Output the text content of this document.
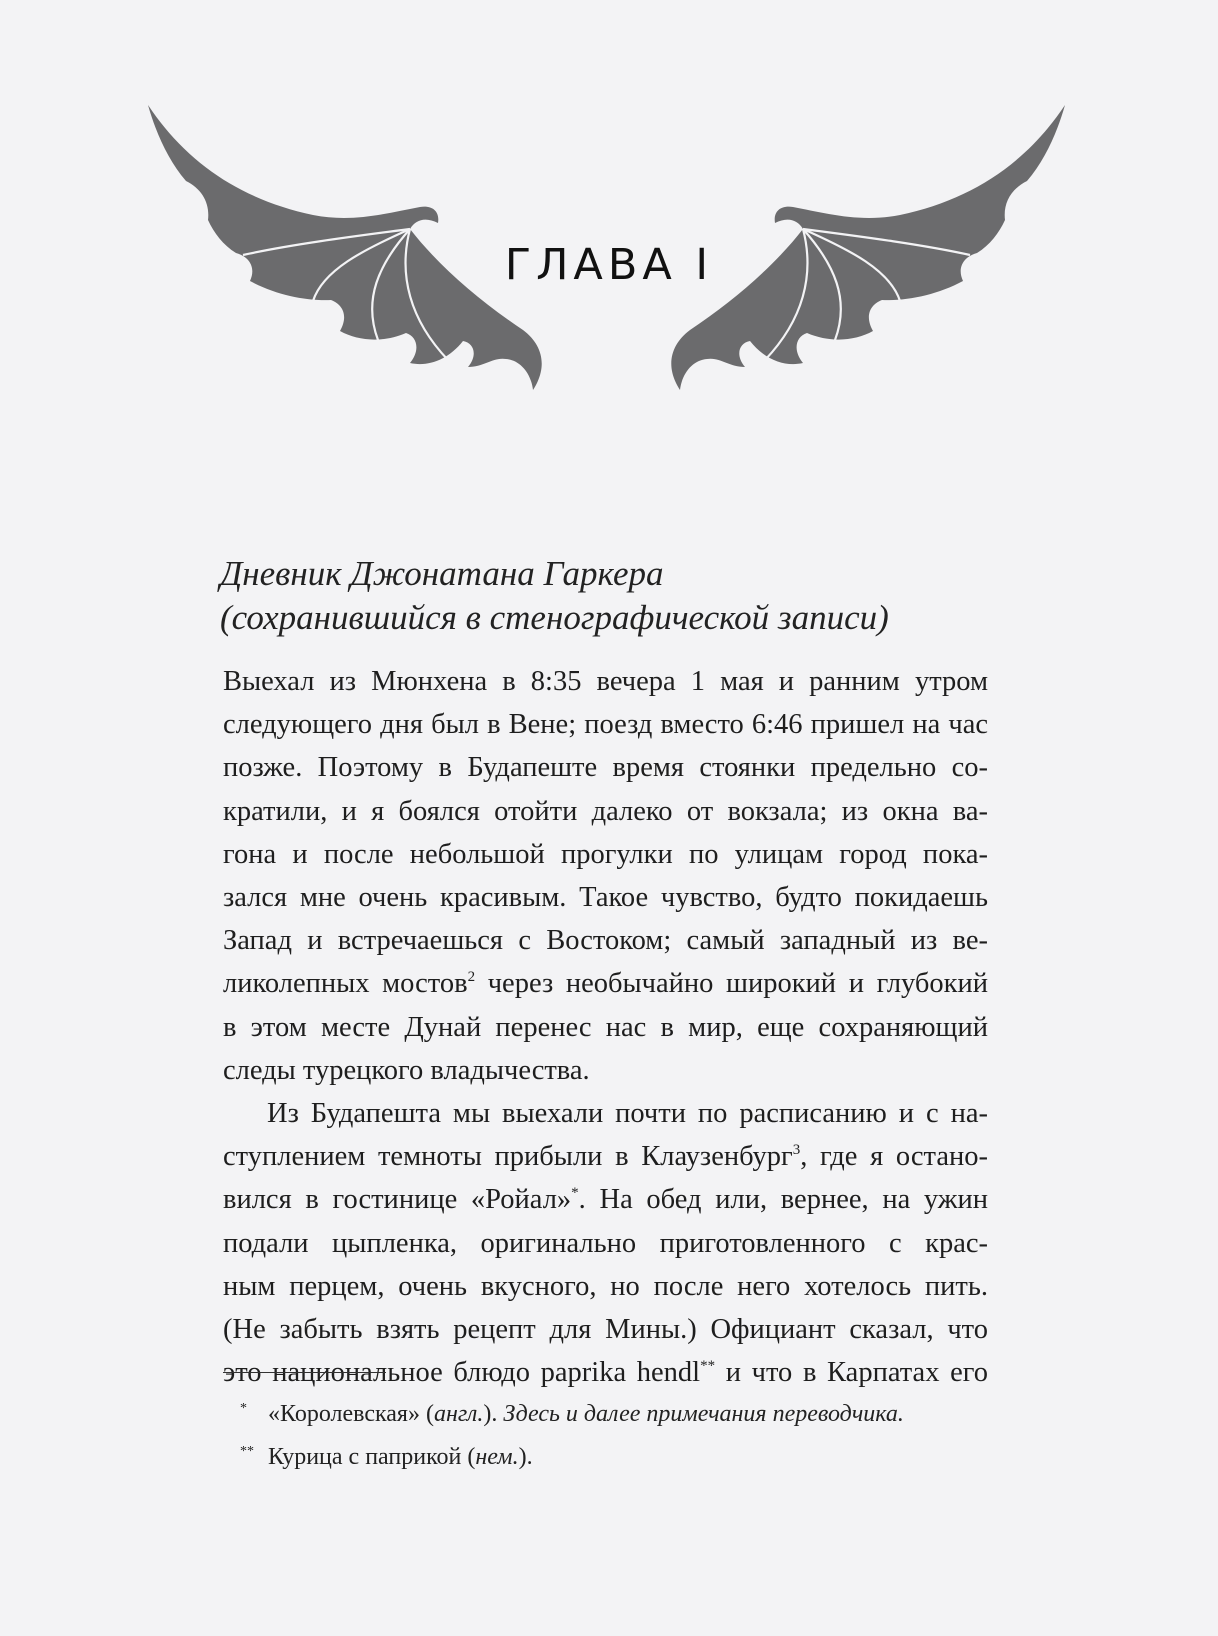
ГЛАВА I
Дневник Джонатана Гаркера
(сохранившийся в стенографической записи)
Выехал из Мюнхена в 8:35 вечера 1 мая и ранним утром
следующего дня был в Вене; поезд вместо 6:46 пришел на час
позже. Поэтому в Будапеште время стоянки предельно со-
кратили, и я боялся отойти далеко от вокзала; из окна ва-
гона и после небольшой прогулки по улицам город пока-
зался мне очень красивым. Такое чувство, будто покидаешь
Запад и встречаешься с Востоком; самый западный из ве-
ликолепных мостов$^2$ через необычайно широкий и глубокий
в этом месте Дунай перенес нас в мир, еще сохраняющий
следы турецкого владычества.
Из Будапешта мы выехали почти по расписанию и с на-
ступлением темноты прибыли в Клаузенбург$^3$, где я остано-
вился в гостинице «Ройал»*. На обед или, вернее, на ужин
подали цыпленка, оригинально приготовленного с крас-
ным перцем, очень вкусного, но после него хотелось пить.
(Не забыть взять рецепт для Мины.) Официант сказал, что
это национальное блюдо paprika hendl** и что в Карпатах его
* «Королевская» (англ.). Здесь и далее примечания переводчика.
** Курица с паприкой (нем.).
